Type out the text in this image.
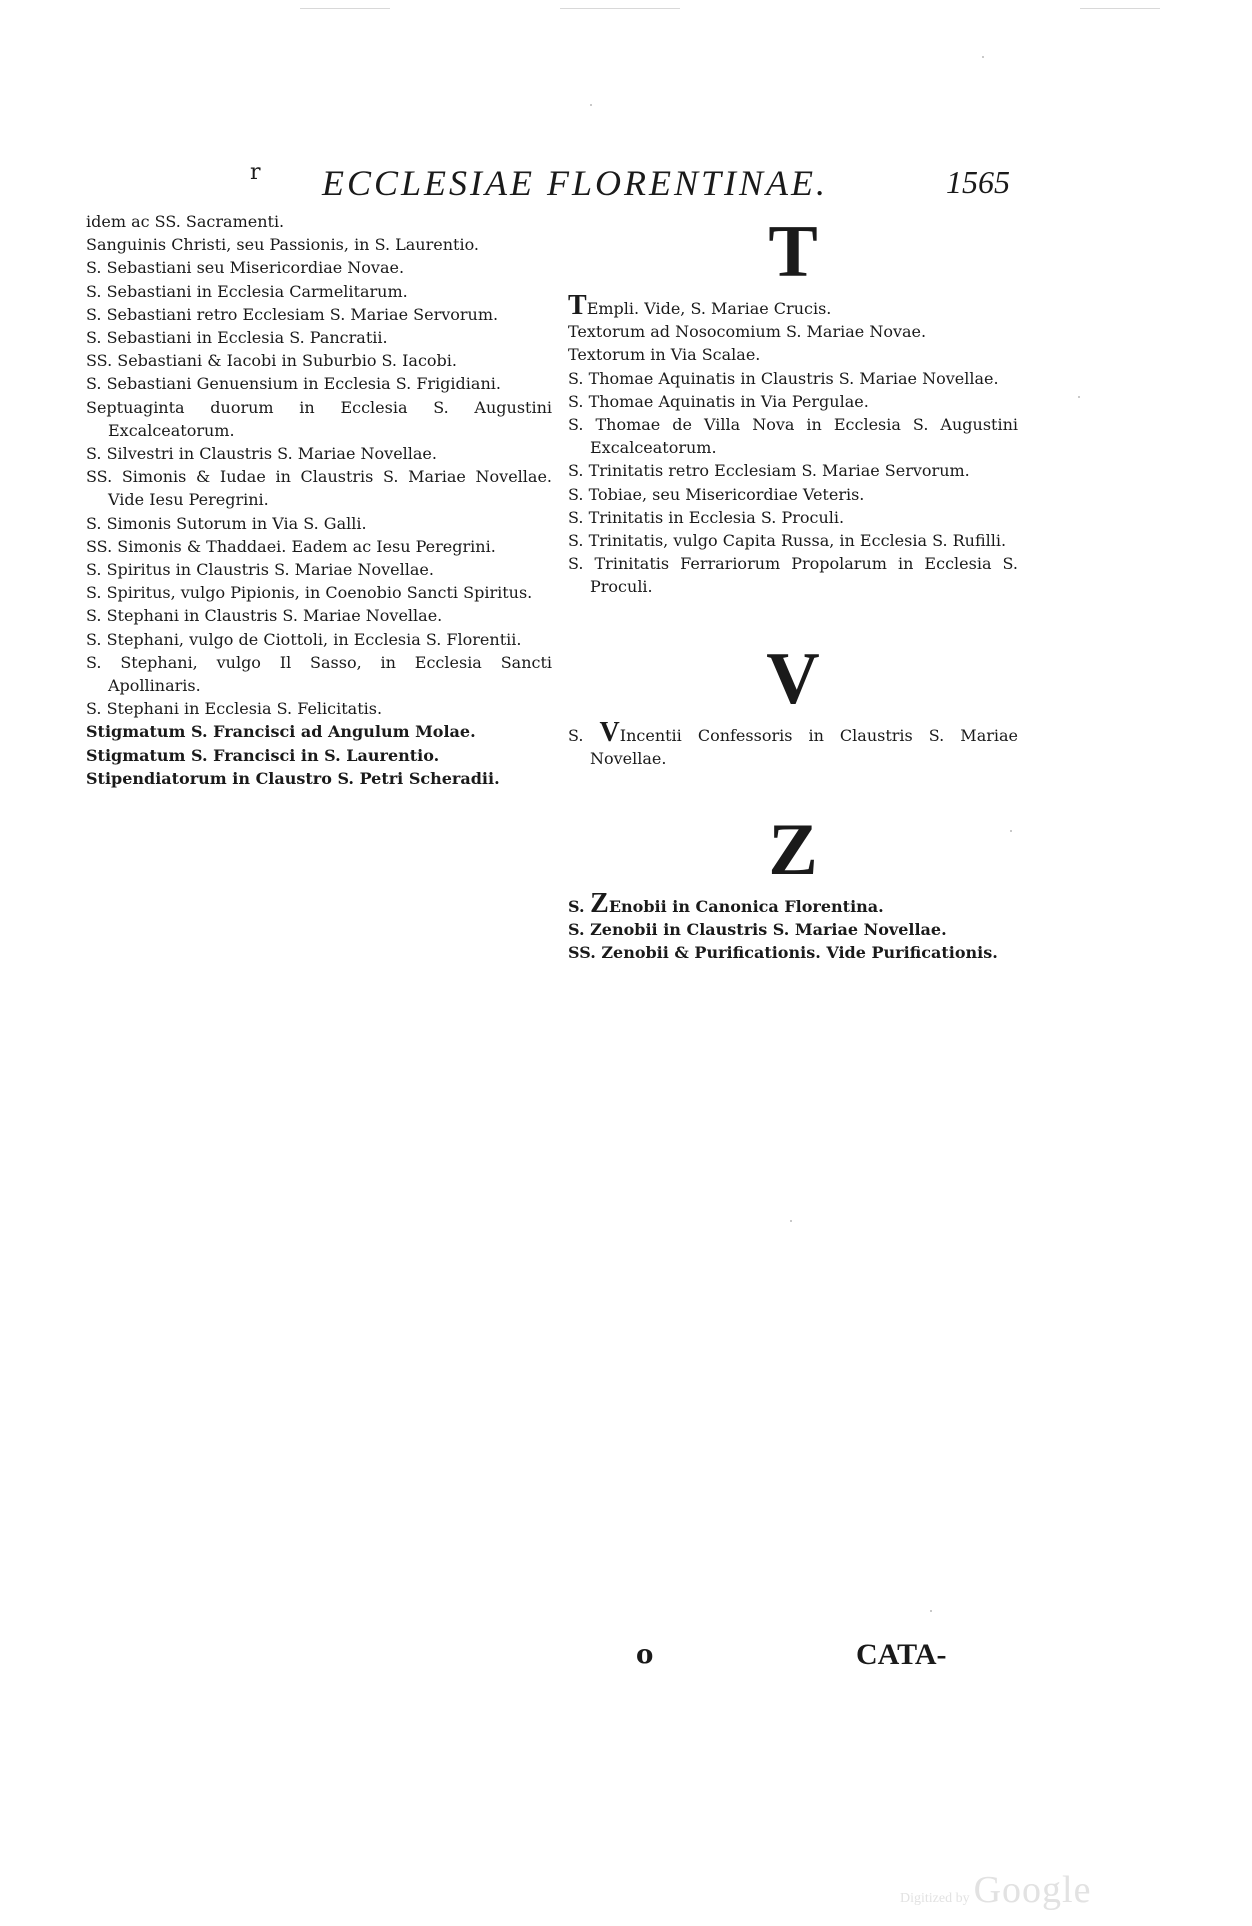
r ECCLESIAE FLORENTINAE.	1565

idem ac SS. Sacramenti.

Sanguinis Christi, seu Passionis, in S. Laurentio.

S. Sebastiani seu Misericordiae Novae.

S. Sebastiani in Ecclesia Carmelitarum.

S. Sebastiani retro Ecclesiam S. Mariae Servorum.

S. Sebastiani in Ecclesia S. Pancratii.

SS. Sebastiani & Iacobi in Suburbio S. Iacobi.

S. Sebastiani Genuensium in Ecclesia S. Frigidiani.

Septuaginta duorum in Ecclesia S. Augustini Excalceatorum.

S. Silvestri in Claustris S. Mariae Novellae.

SS. Simonis & Iudae in Claustris S. Mariae Novellae. Vide Iesu Peregrini.

S. Simonis Sutorum in Via S. Galli.

SS. Simonis & Thaddaei. Eadem ac Iesu Peregrini.

S. Spiritus in Claustris S. Mariae Novellae.

S. Spiritus, vulgo Pipionis, in Coenobio Sancti Spiritus.

S. Stephani in Claustris S. Mariae Novellae.

S. Stephani, vulgo de Ciottoli, in Ecclesia S. Florentii.

S. Stephani, vulgo Il Sasso, in Ecclesia Sancti Apollinaris.

S. Stephani in Ecclesia S. Felicitatis.

Stigmatum S. Francisci ad Angulum Molae.

Stigmatum S. Francisci in S. Laurentio.

Stipendiatorum in Claustro S. Petri Scheradii.

T

TEmpli. Vide, S. Mariae Crucis.

Textorum ad Nosocomium S. Mariae Novae.

Textorum in Via Scalae.

S. Thomae Aquinatis in Claustris S. Mariae Novellae.

S. Thomae Aquinatis in Via Pergulae.

S. Thomae de Villa Nova in Ecclesia S. Augustini Excalceatorum.

S. Trinitatis retro Ecclesiam S. Mariae Servorum.

S. Tobiae, seu Misericordiae Veteris.

S. Trinitatis in Ecclesia S. Proculi.

S. Trinitatis, vulgo Capita Russa, in Ecclesia S. Rufilli.

S. Trinitatis Ferrariorum Propolarum in Ecclesia S. Proculi.

V

S. VIncentii Confessoris in Claustris S. Mariae Novellae.

Z

S. ZEnobii in Canonica Florentina.

S. Zenobii in Claustris S. Mariae Novellae.

SS. Zenobii & Purificationis. Vide Purificationis.

o	CATA-
Digitized by Google
